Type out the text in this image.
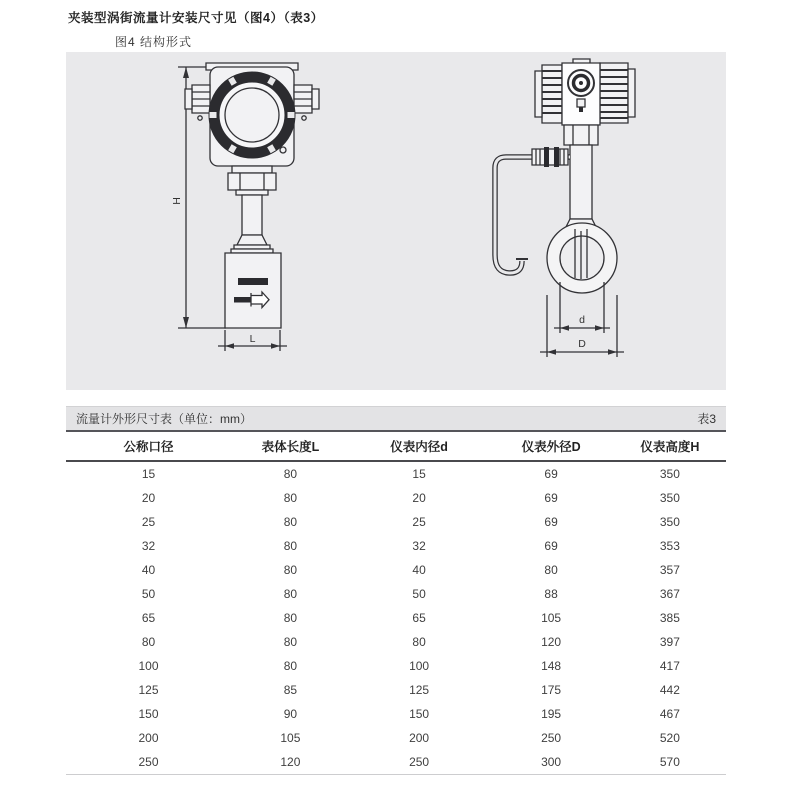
夹装型涡街流量计安装尺寸见（图4）（表3）
图4 结构形式
H
L
d
D
流量计外形尺寸表（单位：mm）	表3
公称口径	表体长度L	仪表内径d	仪表外径D	仪表高度H
15	80	15	69	350
20	80	20	69	350
25	80	25	69	350
32	80	32	69	353
40	80	40	80	357
50	80	50	88	367
65	80	65	105	385
80	80	80	120	397
100	80	100	148	417
125	85	125	175	442
150	90	150	195	467
200	105	200	250	520
250	120	250	300	570
